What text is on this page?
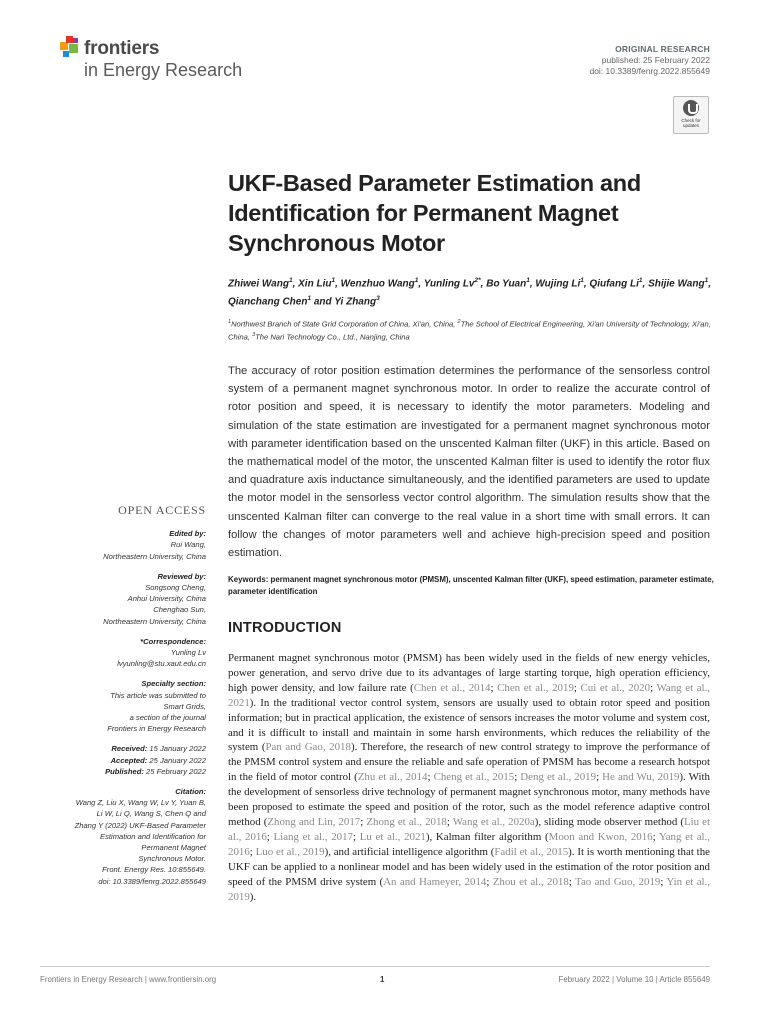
frontiers
in Energy Research
ORIGINAL RESEARCH
published: 25 February 2022
doi: 10.3389/fenrg.2022.855649
Check for updates
UKF-Based Parameter Estimation and Identification for Permanent Magnet Synchronous Motor
Zhiwei Wang$^1$, Xin Liu$^1$, Wenzhuo Wang$^1$, Yunling $Lv^{2*}$, Bo Yuan$^1$, Wujing Li$^1$, Qiufang Li$^1$, Shijie Wang$^1$, Qianchang Chen$^1$ and Yi Zhang$^3$
$^1$Northwest Branch of State Grid Corporation of China, Xi'an, China, $^2$The School of Electrical Engineering, Xi'an University of Technology, Xi'an, China, $^3$The Nari Technology Co., Ltd., Nanjing, China
The accuracy of rotor position estimation determines the performance of the sensorless control system of a permanent magnet synchronous motor. In order to realize the accurate control of rotor position and speed, it is necessary to identify the motor parameters. Modeling and simulation of the state estimation are investigated for a permanent magnet synchronous motor with parameter identification based on the unscented Kalman filter (UKF) in this article. Based on the mathematical model of the motor, the unscented Kalman filter is used to identify the rotor flux and quadrature axis inductance simultaneously, and the identified parameters are used to update the motor model in the sensorless vector control algorithm. The simulation results show that the unscented Kalman filter can converge to the real value in a short time with small errors. It can follow the changes of motor parameters well and achieve high-precision speed and position estimation.
Keywords: permanent magnet synchronous motor (PMSM), unscented Kalman filter (UKF), speed estimation, parameter estimate, parameter identification
INTRODUCTION
Permanent magnet synchronous motor (PMSM) has been widely used in the fields of new energy vehicles, power generation, and servo drive due to its advantages of large starting torque, high operation efficiency, high power density, and low failure rate (Chen et al., 2014; Chen et al., 2019; Cui et al., 2020; Wang et al., 2021). In the traditional vector control system, sensors are usually used to obtain rotor speed and position information; but in practical application, the existence of sensors increases the motor volume and system cost, and it is difficult to install and maintain in some harsh environments, which reduces the reliability of the system (Pan and Gao, 2018). Therefore, the research of new control strategy to improve the performance of the PMSM control system and ensure the reliable and safe operation of PMSM has become a research hotspot in the field of motor control (Zhu et al., 2014; Cheng et al., 2015; Deng et al., 2019; He and Wu, 2019). With the development of sensorless drive technology of permanent magnet synchronous motor, many methods have been proposed to estimate the speed and position of the rotor, such as the model reference adaptive control method (Zhong and Lin, 2017; Zhong et al., 2018; Wang et al., 2020a), sliding mode observer method (Liu et al., 2016; Liang et al., 2017; Lu et al., 2021), Kalman filter algorithm (Moon and Kwon, 2016; Yang et al., 2016; Luo et al., 2019), and artificial intelligence algorithm (Fadil et al., 2015). It is worth mentioning that the UKF can be applied to a nonlinear model and has been widely used in the estimation of the rotor position and speed of the PMSM drive system (An and Hameyer, 2014; Zhou et al., 2018; Tao and Guo, 2019; Yin et al., 2019).
OPEN ACCESS
Edited by:
Rui Wang,
Northeastern University, China
Reviewed by:
Songsong Cheng,
Anhui University, China
Chenghao Sun,
Northeastern University, China
*Correspondence:
Yunling Lv
lvyunling@stu.xaut.edu.cn
Specialty section:
This article was submitted to
Smart Grids,
a section of the journal
Frontiers in Energy Research
Received: 15 January 2022
Accepted: 25 January 2022
Published: 25 February 2022
Citation:
Wang Z, Liu X, Wang W, Lv Y, Yuan B,
Li W, Li Q, Wang S, Chen Q and
Zhang Y (2022) UKF-Based Parameter
Estimation and Identification for
Permanent Magnet
Synchronous Motor.
Front. Energy Res. 10:855649.
doi: 10.3389/fenrg.2022.855649
Frontiers in Energy Research | www.frontiersin.org	1	February 2022 | Volume 10 | Article 855649
